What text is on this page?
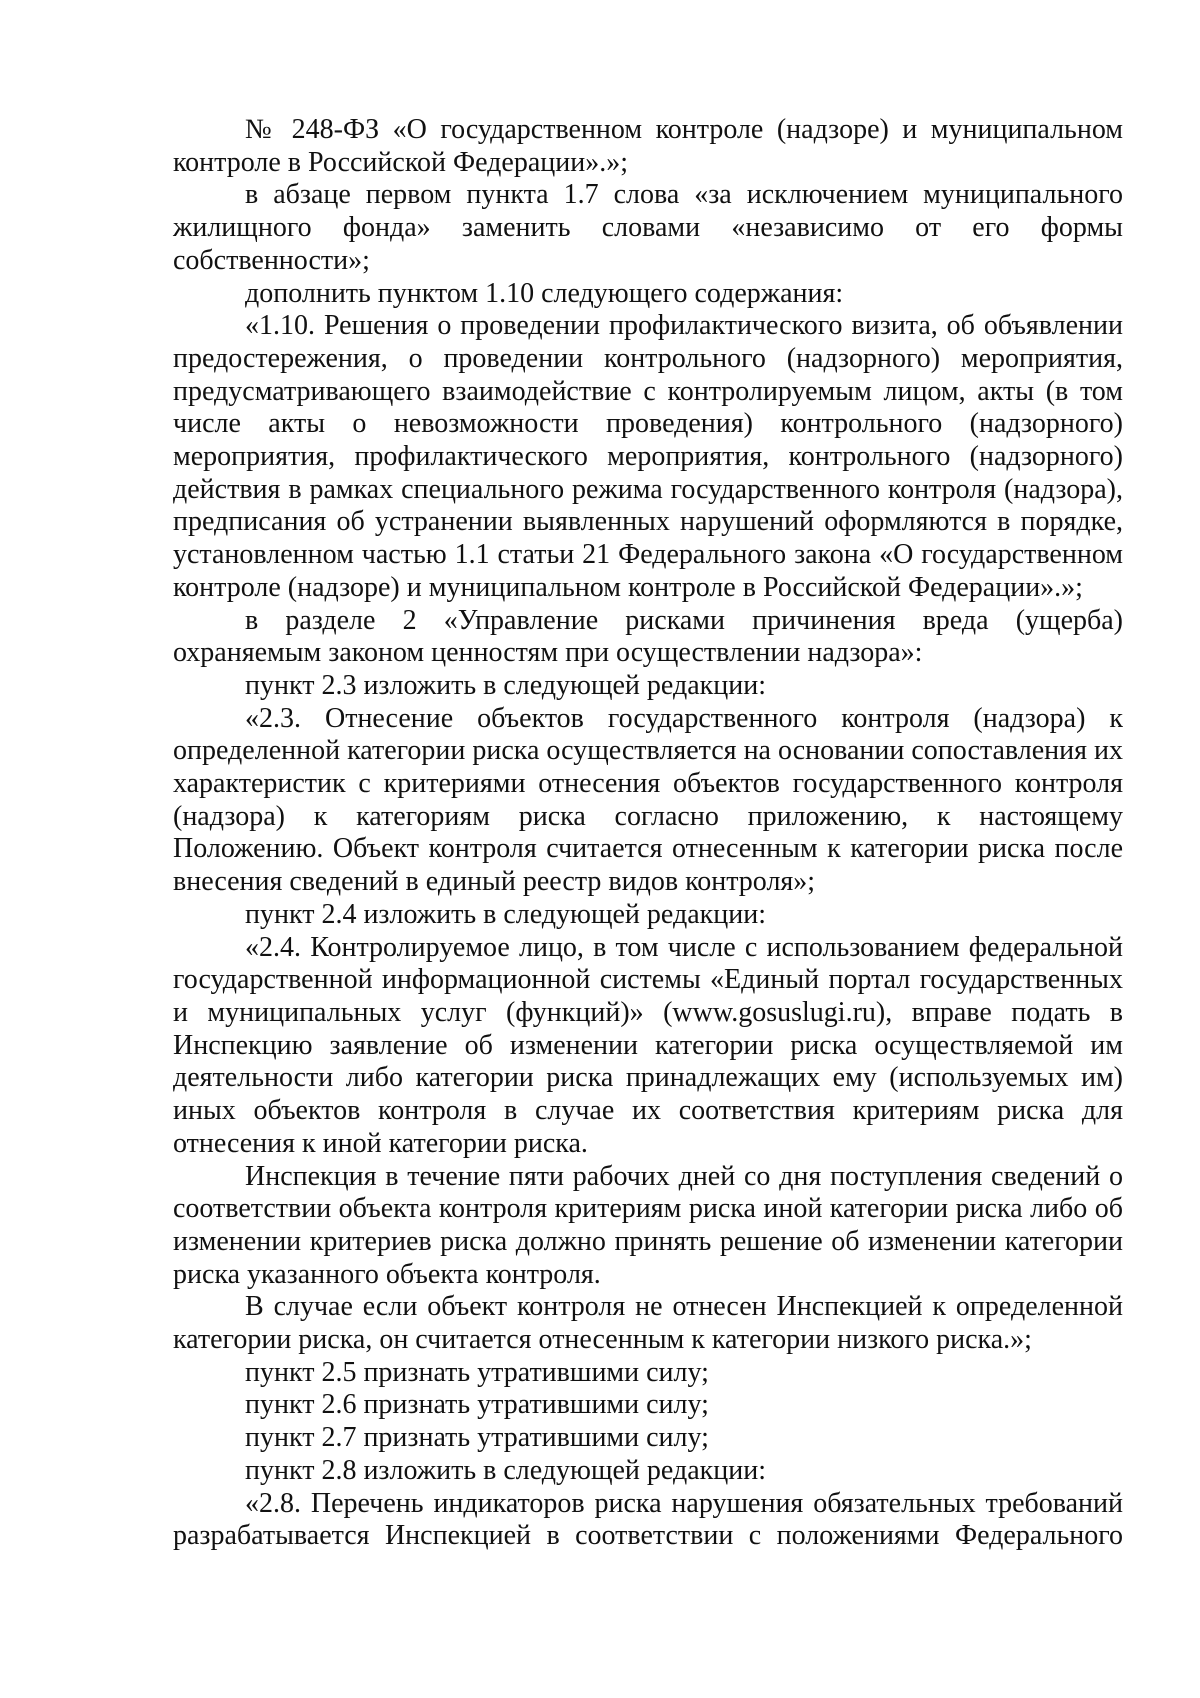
№ 248-ФЗ «О государственном контроле (надзоре) и муниципальном контроле в Российской Федерации».»;

в абзаце первом пункта 1.7 слова «за исключением муниципального жилищного фонда» заменить словами «независимо от его формы собственности»;

дополнить пунктом 1.10 следующего содержания:

«1.10. Решения о проведении профилактического визита, об объявлении предостережения, о проведении контрольного (надзорного) мероприятия, предусматривающего взаимодействие с контролируемым лицом, акты (в том числе акты о невозможности проведения) контрольного (надзорного) мероприятия, профилактического мероприятия, контрольного (надзорного) действия в рамках специального режима государственного контроля (надзора), предписания об устранении выявленных нарушений оформляются в порядке, установленном частью 1.1 статьи 21 Федерального закона «О государственном контроле (надзоре) и муниципальном контроле в Российской Федерации».»;

в разделе 2 «Управление рисками причинения вреда (ущерба) охраняемым законом ценностям при осуществлении надзора»:

пункт 2.3 изложить в следующей редакции:

«2.3. Отнесение объектов государственного контроля (надзора) к определенной категории риска осуществляется на основании сопоставления их характеристик с критериями отнесения объектов государственного контроля (надзора) к категориям риска согласно приложению, к настоящему Положению. Объект контроля считается отнесенным к категории риска после внесения сведений в единый реестр видов контроля»;

пункт 2.4 изложить в следующей редакции:

«2.4. Контролируемое лицо, в том числе с использованием федеральной государственной информационной системы «Единый портал государственных и муниципальных услуг (функций)» (www.gosuslugi.ru), вправе подать в Инспекцию заявление об изменении категории риска осуществляемой им деятельности либо категории риска принадлежащих ему (используемых им) иных объектов контроля в случае их соответствия критериям риска для отнесения к иной категории риска.

Инспекция в течение пяти рабочих дней со дня поступления сведений о соответствии объекта контроля критериям риска иной категории риска либо об изменении критериев риска должно принять решение об изменении категории риска указанного объекта контроля.

В случае если объект контроля не отнесен Инспекцией к определенной категории риска, он считается отнесенным к категории низкого риска.»;

пункт 2.5 признать утратившими силу;

пункт 2.6 признать утратившими силу;

пункт 2.7 признать утратившими силу;

пункт 2.8 изложить в следующей редакции:

«2.8. Перечень индикаторов риска нарушения обязательных требований разрабатывается Инспекцией в соответствии с положениями Федерального
